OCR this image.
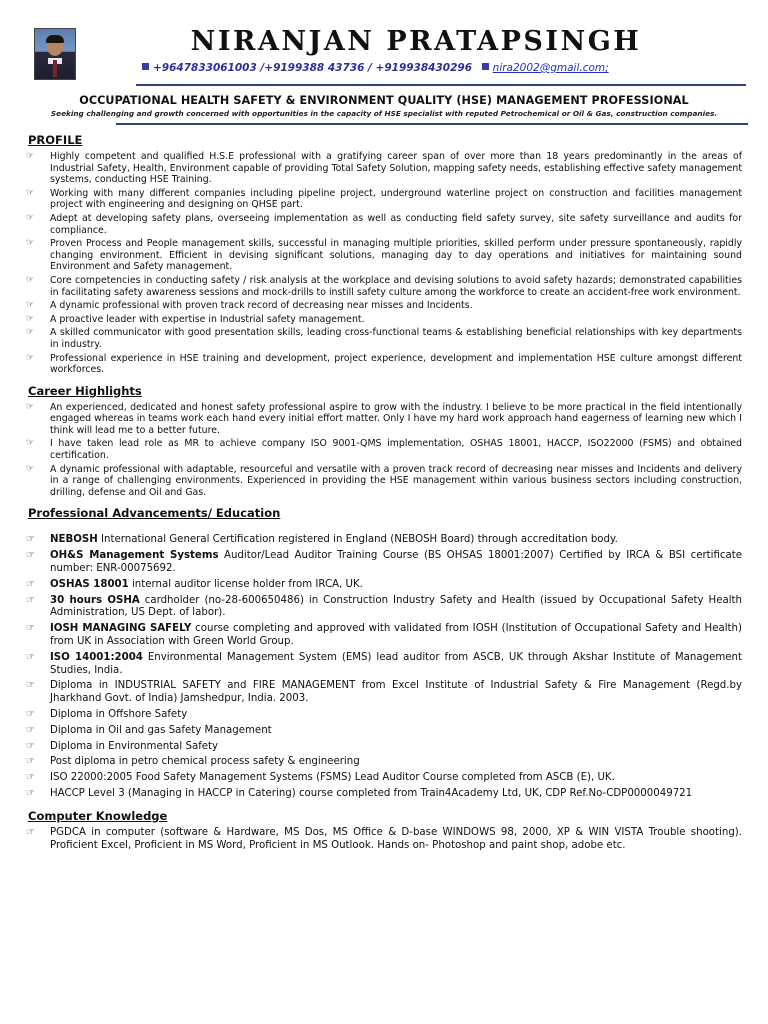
NIRANJAN PRATAPSINGH
+9647833061003 /+9199388 43736 / +919938430296 nira2002@gmail.com;
OCCUPATIONAL HEALTH SAFETY & ENVIRONMENT QUALITY (HSE) MANAGEMENT PROFESSIONAL
Seeking challenging and growth concerned with opportunities in the capacity of HSE specialist with reputed Petrochemical or Oil & Gas, construction companies.
PROFILE
☞ Highly competent and qualified H.S.E professional with a gratifying career span of over more than 18 years predominantly in the areas of Industrial Safety, Health, Environment capable of providing Total Safety Solution, mapping safety needs, establishing effective safety management systems, conducting HSE Training.
☞ Working with many different companies including pipeline project, underground waterline project on construction and facilities management project with engineering and designing on QHSE part.
☞ Adept at developing safety plans, overseeing implementation as well as conducting field safety survey, site safety surveillance and audits for compliance.
☞ Proven Process and People management skills, successful in managing multiple priorities, skilled perform under pressure spontaneously, rapidly changing environment. Efficient in devising significant solutions, managing day to day operations and initiatives for maintaining sound Environment and Safety management.
☞ Core competencies in conducting safety / risk analysis at the workplace and devising solutions to avoid safety hazards; demonstrated capabilities in facilitating safety awareness sessions and mock-drills to instill safety culture among the workforce to create an accident-free work environment.
☞ A dynamic professional with proven track record of decreasing near misses and Incidents.
☞ A proactive leader with expertise in Industrial safety management.
☞ A skilled communicator with good presentation skills, leading cross-functional teams & establishing beneficial relationships with key departments in industry.
☞ Professional experience in HSE training and development, project experience, development and implementation HSE culture amongst different workforces.
Career Highlights
☞ An experienced, dedicated and honest safety professional aspire to grow with the industry. I believe to be more practical in the field intentionally engaged whereas in teams work each hand every initial effort matter. Only I have my hard work approach hand eagerness of learning new which I think will lead me to a better future.
☞ I have taken lead role as MR to achieve company ISO 9001-QMS implementation, OSHAS 18001, HACCP, ISO22000 (FSMS) and obtained certification.
☞ A dynamic professional with adaptable, resourceful and versatile with a proven track record of decreasing near misses and Incidents and delivery in a range of challenging environments. Experienced in providing the HSE management within various business sectors including construction, drilling, defense and Oil and Gas.
Professional Advancements/ Education
☞ NEBOSH International General Certification registered in England (NEBOSH Board) through accreditation body.
☞ OH&S Management Systems Auditor/Lead Auditor Training Course (BS OHSAS 18001:2007) Certified by IRCA & BSI certificate number: ENR-00075692.
☞ OSHAS 18001 internal auditor license holder from IRCA, UK.
☞ 30 hours OSHA cardholder (no-28-600650486) in Construction Industry Safety and Health (issued by Occupational Safety Health Administration, US Dept. of labor).
☞ IOSH MANAGING SAFELY course completing and approved with validated from IOSH (Institution of Occupational Safety and Health) from UK in Association with Green World Group.
☞ ISO 14001:2004 Environmental Management System (EMS) lead auditor from ASCB, UK through Akshar Institute of Management Studies, India.
☞ Diploma in INDUSTRIAL SAFETY and FIRE MANAGEMENT from Excel Institute of Industrial Safety & Fire Management (Regd.by Jharkhand Govt. of India) Jamshedpur, India. 2003.
☞ Diploma in Offshore Safety
☞ Diploma in Oil and gas Safety Management
☞ Diploma in Environmental Safety
☞ Post diploma in petro chemical process safety & engineering
☞ ISO 22000:2005 Food Safety Management Systems (FSMS) Lead Auditor Course completed from ASCB (E), UK.
☞ HACCP Level 3 (Managing in HACCP in Catering) course completed from Train4Academy Ltd, UK, CDP Ref.No-CDP0000049721
Computer Knowledge
☞ PGDCA in computer (software & Hardware, MS Dos, MS Office & D-base WINDOWS 98, 2000, XP & WIN VISTA Trouble shooting). Proficient Excel, Proficient in MS Word, Proficient in MS Outlook. Hands on- Photoshop and paint shop, adobe etc.
